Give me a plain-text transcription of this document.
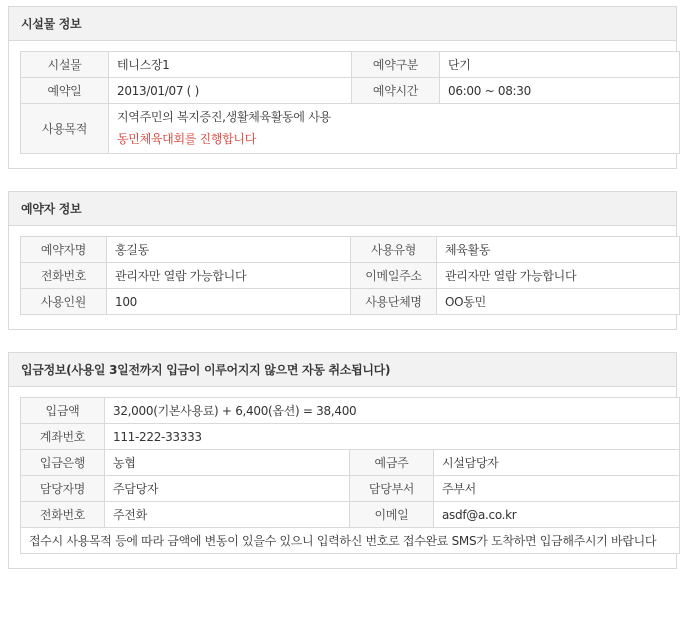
시설물 정보
시설물	테니스장1	예약구분	단기
예약일	2013/01/07 ( )	예약시간	06:00 ~ 08:30
사용목적	지역주민의 복지증진,생활체육활동에 사용
동민체육대회를 진행합니다		
예약자 정보
예약자명	홍길동	사용유형	체육활동
전화번호	관리자만 열람 가능합니다	이메일주소	관리자만 열람 가능합니다
사용인원	100	사용단체명	OO동민
입금정보(사용일 3일전까지 입금이 이루어지지 않으면 자동 취소됩니다)
입금액	32,000(기본사용료) + 6,400(옵션) = 38,400		
계좌번호	111-222-33333		
입금은행	농협	예금주	시설담당자
담당자명	주담당자	담당부서	주부서
전화번호	주전화	이메일	asdf@a.co.kr
접수시 사용목적 등에 따라 금액에 변동이 있을수 있으니 입력하신 번호로 접수완료 SMS가 도착하면 입금해주시기 바랍니다			
